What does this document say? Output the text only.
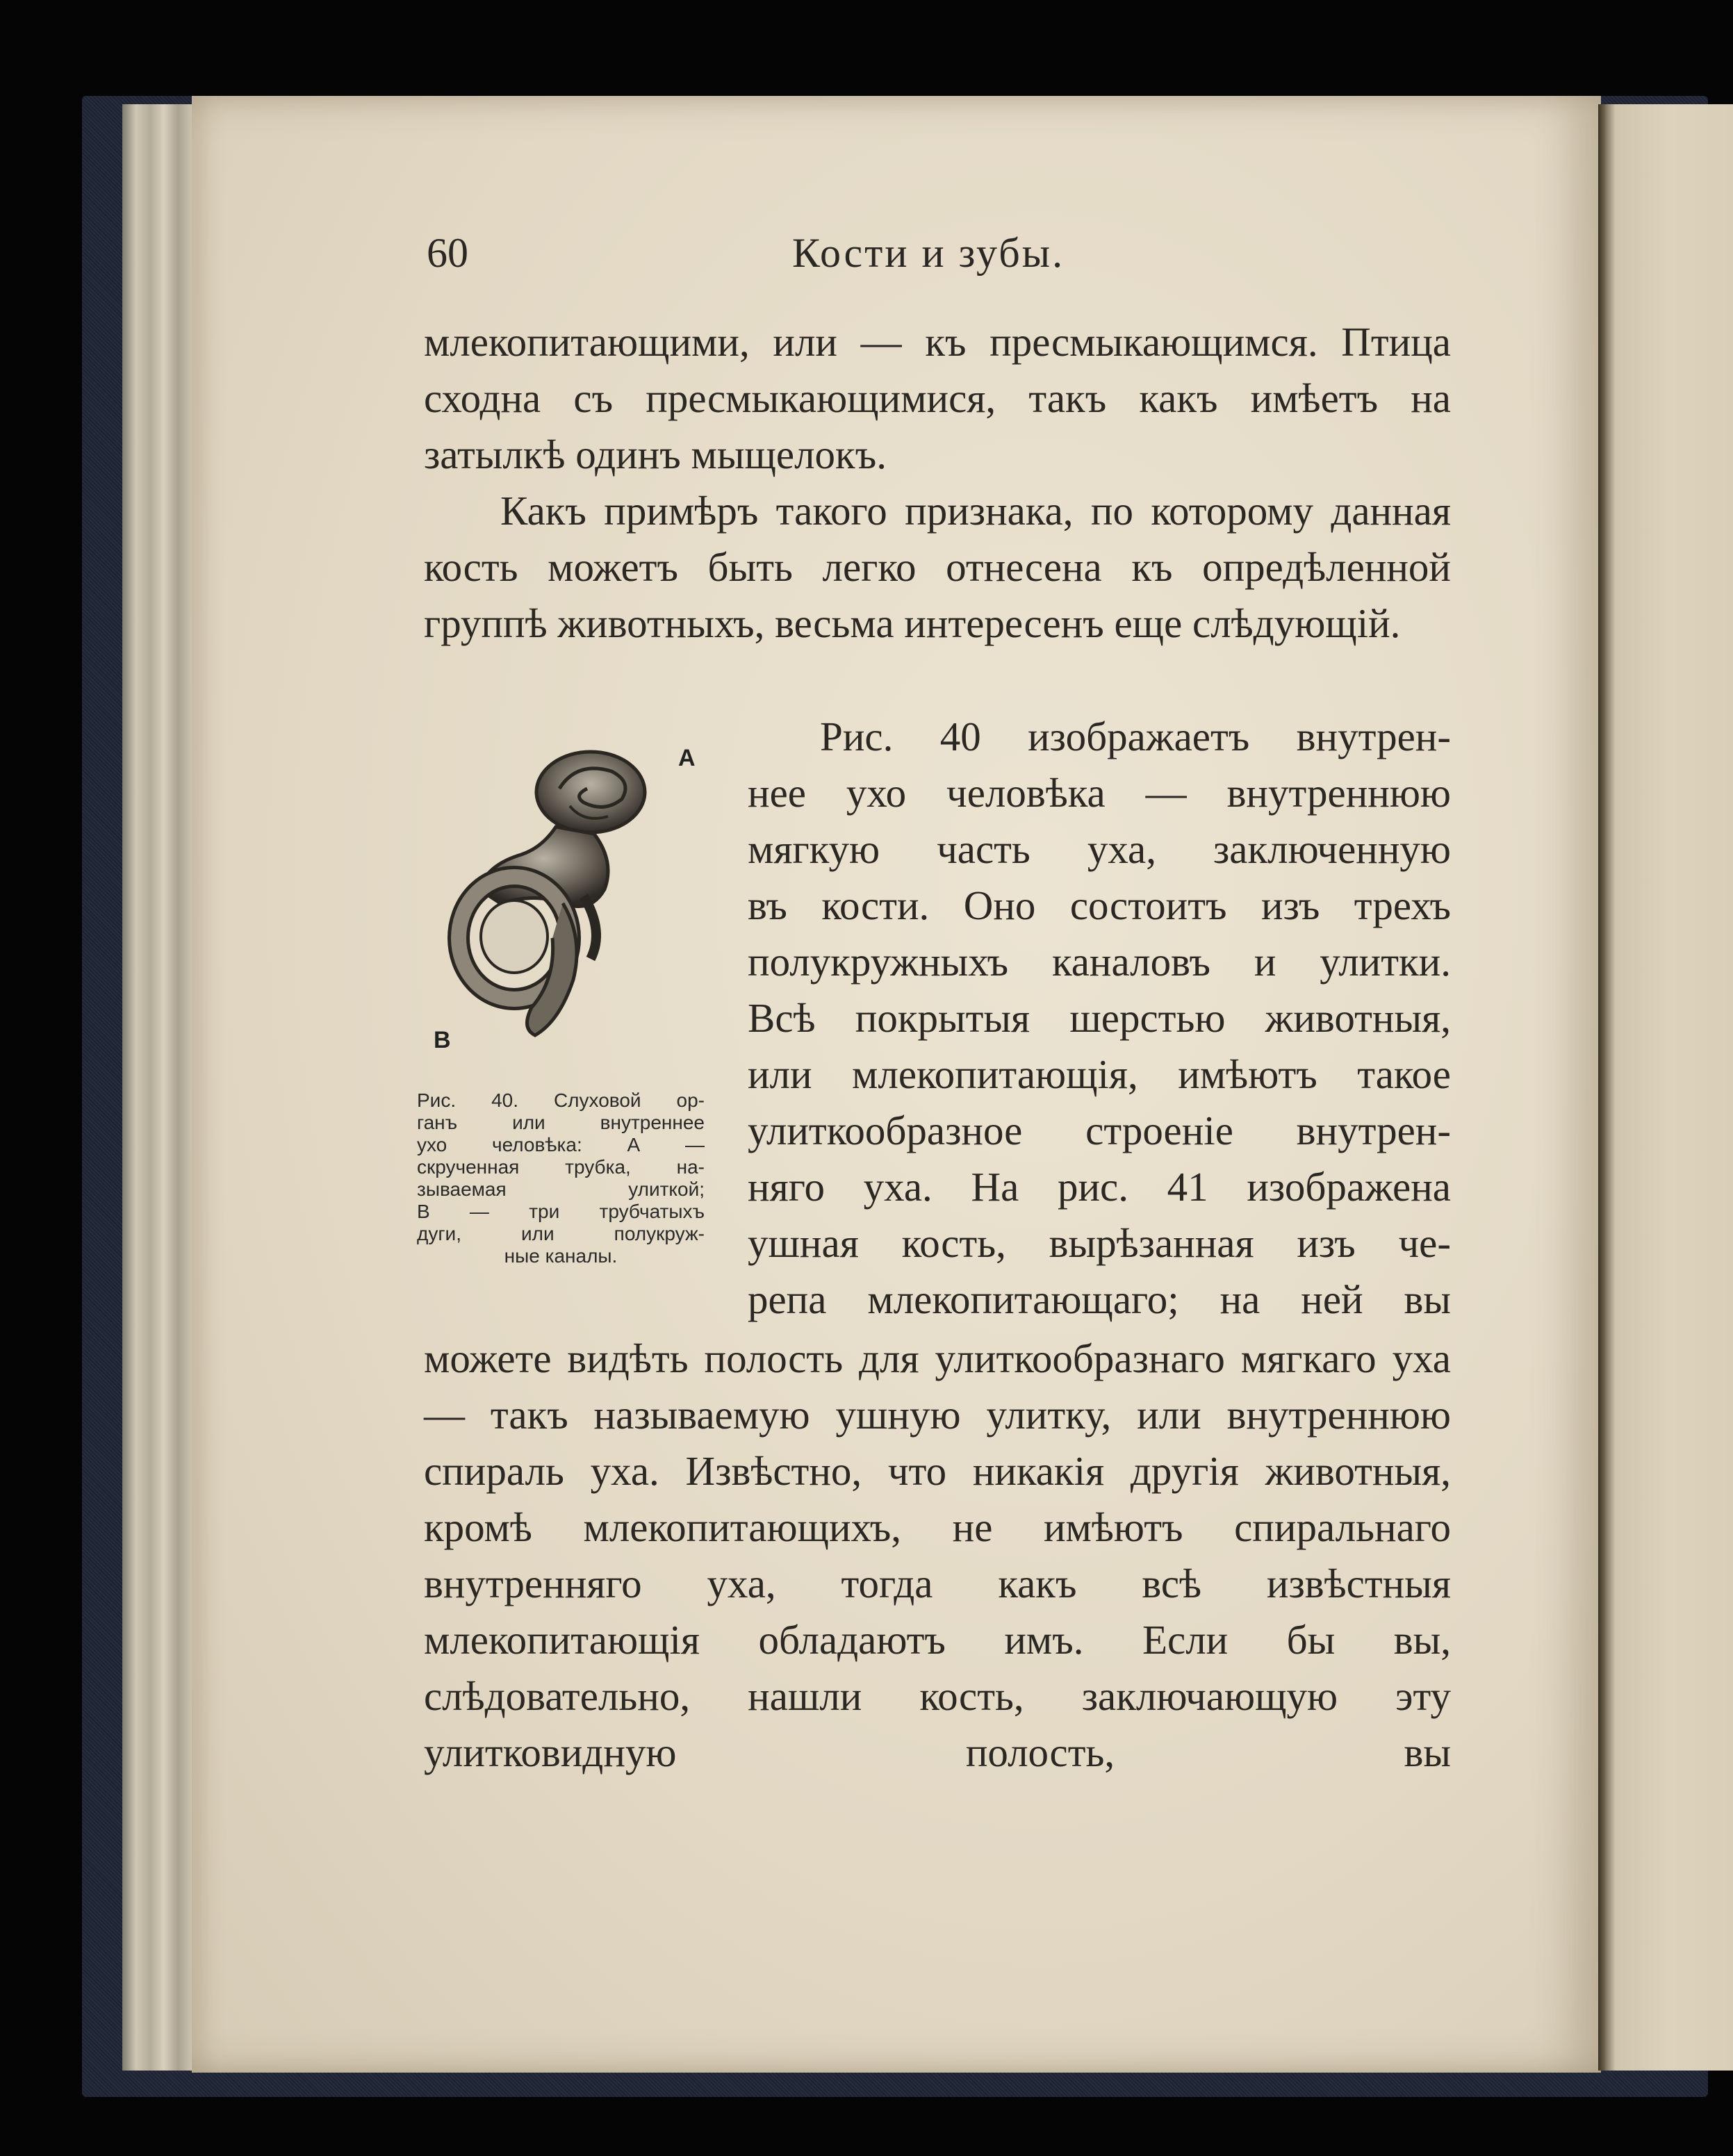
60	Кости и зубы.

млекопитающими, или — къ пресмыкающимся. Птица сходна съ пресмыкающимися, такъ какъ имѣетъ на затылкѣ одинъ мыщелокъ.

Какъ примѣръ такого признака, по которому данная кость можетъ быть легко отнесена къ опредѣленной группѣ животныхъ, весьма интересенъ еще слѣдующій.

A
B

Рис. 40. Слуховой ор-
ганъ или внутреннее
ухо человѣка: А —
скрученная трубка, на-
зываемая улиткой;
В — три трубчатыхъ
дуги, или полукруж-
ные каналы.

Рис. 40 изображаетъ внутрен-

нее ухо человѣка — внутреннюю

мягкую часть уха, заключенную

въ кости. Оно состоитъ изъ трехъ

полукружныхъ каналовъ и улитки.

Всѣ покрытыя шерстью животныя,

или млекопитающія, имѣютъ такое

улиткообразное строеніе внутрен-

няго уха. На рис. 41 изображена

ушная кость, вырѣзанная изъ че-

репа млекопитающаго; на ней вы

можете видѣть полость для улиткообразнаго мягкаго уха — такъ называемую ушную улитку, или внутреннюю спираль уха. Извѣстно, что никакія другія животныя, кромѣ млекопитающихъ, не имѣютъ спиральнаго внутренняго уха, тогда какъ всѣ извѣстныя млекопитающія обладаютъ имъ. Если бы вы, слѣдовательно, нашли кость, заключающую эту улитковидную полость, вы
